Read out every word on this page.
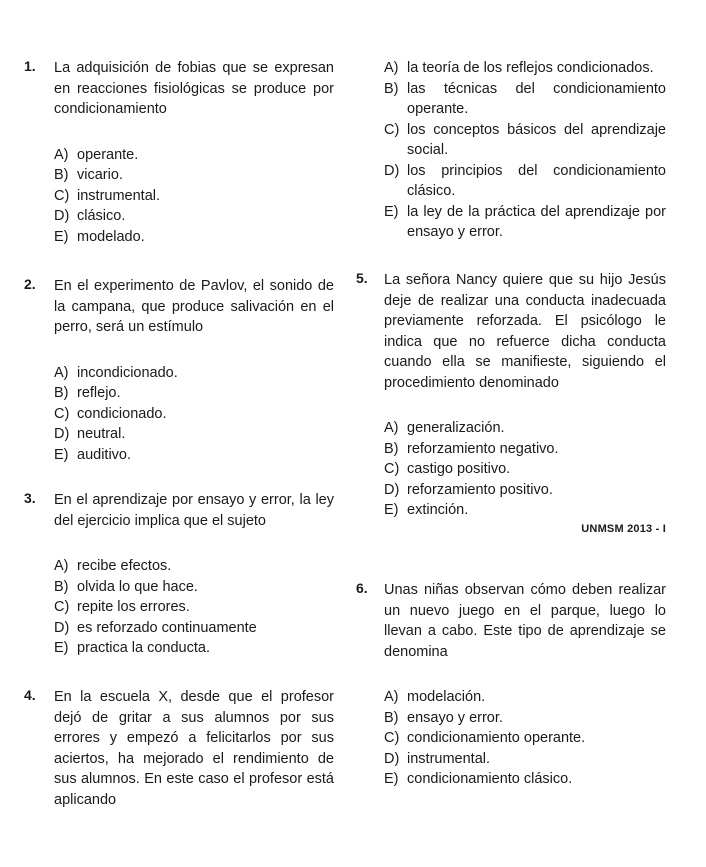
1. La adquisición de fobias que se expresan en reacciones fisiológicas se produce por condicionamiento
A) operante.
B) vicario.
C) instrumental.
D) clásico.
E) modelado.
2. En el experimento de Pavlov, el sonido de la campana, que produce salivación en el perro, será un estímulo
A) incondicionado.
B) reflejo.
C) condicionado.
D) neutral.
E) auditivo.
3. En el aprendizaje por ensayo y error, la ley del ejercicio implica que el sujeto
A) recibe efectos.
B) olvida lo que hace.
C) repite los errores.
D) es reforzado continuamente
E) practica la conducta.
4. En la escuela X, desde que el profesor dejó de gritar a sus alumnos por sus errores y empezó a felicitarlos por sus aciertos, ha mejorado el rendimiento de sus alumnos. En este caso el profesor está aplicando
A) la teoría de los reflejos condicionados.
B) las técnicas del condicionamiento operante.
C) los conceptos básicos del aprendizaje social.
D) los principios del condicionamiento clásico.
E) la ley de la práctica del aprendizaje por ensayo y error.
5. La señora Nancy quiere que su hijo Jesús deje de realizar una conducta inadecuada previamente reforzada. El psicólogo le indica que no refuerce dicha conducta cuando ella se manifieste, siguiendo el procedimiento denominado
A) generalización.
B) reforzamiento negativo.
C) castigo positivo.
D) reforzamiento positivo.
E) extinción.
UNMSM 2013 - I
6. Unas niñas observan cómo deben realizar un nuevo juego en el parque, luego lo llevan a cabo. Este tipo de aprendizaje se denomina
A) modelación.
B) ensayo y error.
C) condicionamiento operante.
D) instrumental.
E) condicionamiento clásico.
